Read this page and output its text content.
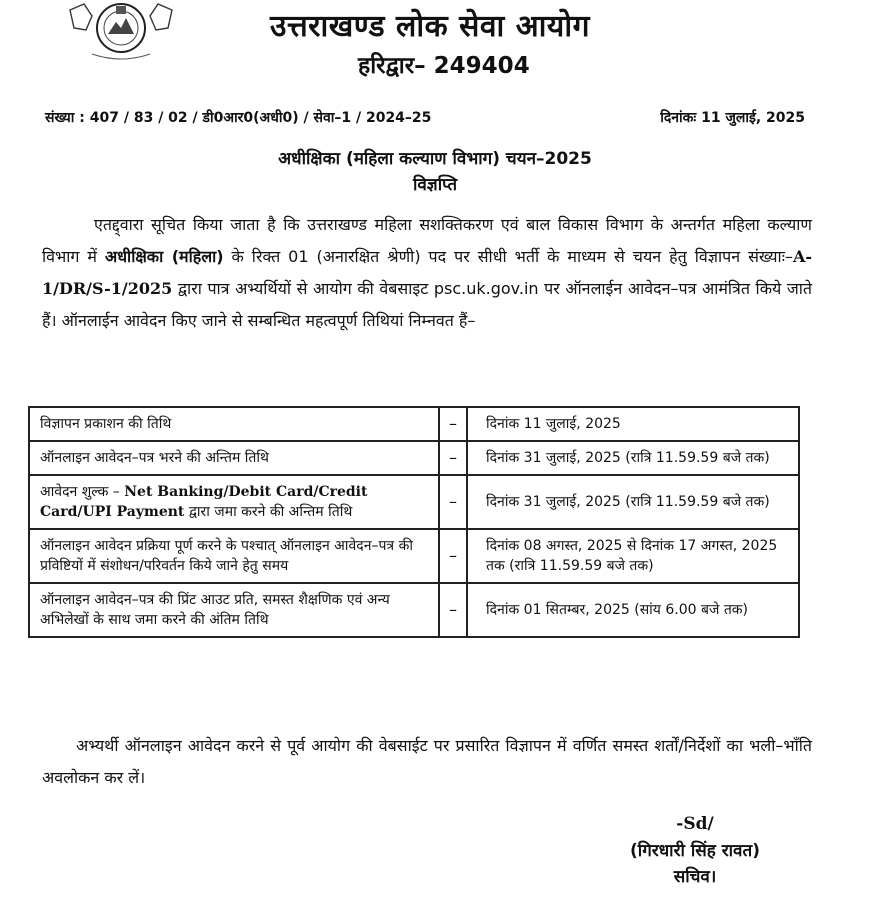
उत्तराखण्ड लोक सेवा आयोग
हरिद्वार– 249404
संख्या : 407 / 83 / 02 / डी0आर0(अधी0) / सेवा–1 / 2024–25	दिनांकः 11 जुलाई, 2025
अधीक्षिका (महिला कल्याण विभाग) चयन–2025
विज्ञप्ति
एतद्द्वारा सूचित किया जाता है कि उत्तराखण्ड महिला सशक्तिकरण एवं बाल विकास विभाग के अन्तर्गत महिला कल्याण विभाग में अधीक्षिका (महिला) के रिक्त 01 (अनारक्षित श्रेणी) पद पर सीधी भर्ती के माध्यम से चयन हेतु विज्ञापन संख्याः–A-1/DR/S-1/2025 द्वारा पात्र अभ्यर्थियों से आयोग की वेबसाइट psc.uk.gov.in पर ऑनलाईन आवेदन–पत्र आमंत्रित किये जाते हैं। ऑनलाईन आवेदन किए जाने से सम्बन्धित महत्वपूर्ण तिथियां निम्नवत हैं–
विज्ञापन प्रकाशन की तिथि	–	दिनांक 11 जुलाई, 2025
ऑनलाइन आवेदन–पत्र भरने की अन्तिम तिथि	–	दिनांक 31 जुलाई, 2025 (रात्रि 11.59.59 बजे तक)
आवेदन शुल्क – Net Banking/Debit Card/Credit Card/UPI Payment द्वारा जमा करने की अन्तिम तिथि	–	दिनांक 31 जुलाई, 2025 (रात्रि 11.59.59 बजे तक)
ऑनलाइन आवेदन प्रक्रिया पूर्ण करने के पश्चात् ऑनलाइन आवेदन–पत्र की प्रविष्टियों में संशोधन/परिवर्तन किये जाने हेतु समय	–	दिनांक 08 अगस्त, 2025 से दिनांक 17 अगस्त, 2025 तक (रात्रि 11.59.59 बजे तक)
ऑनलाइन आवेदन–पत्र की प्रिंट आउट प्रति, समस्त शैक्षणिक एवं अन्य अभिलेखों के साथ जमा करने की अंतिम तिथि	–	दिनांक 01 सितम्बर, 2025 (सांय 6.00 बजे तक)
अभ्यर्थी ऑनलाइन आवेदन करने से पूर्व आयोग की वेबसाईट पर प्रसारित विज्ञापन में वर्णित समस्त शर्तों/निर्देशों का भली–भाँति अवलोकन कर लें।
-Sd/
(गिरधारी सिंह रावत)
सचिव।
